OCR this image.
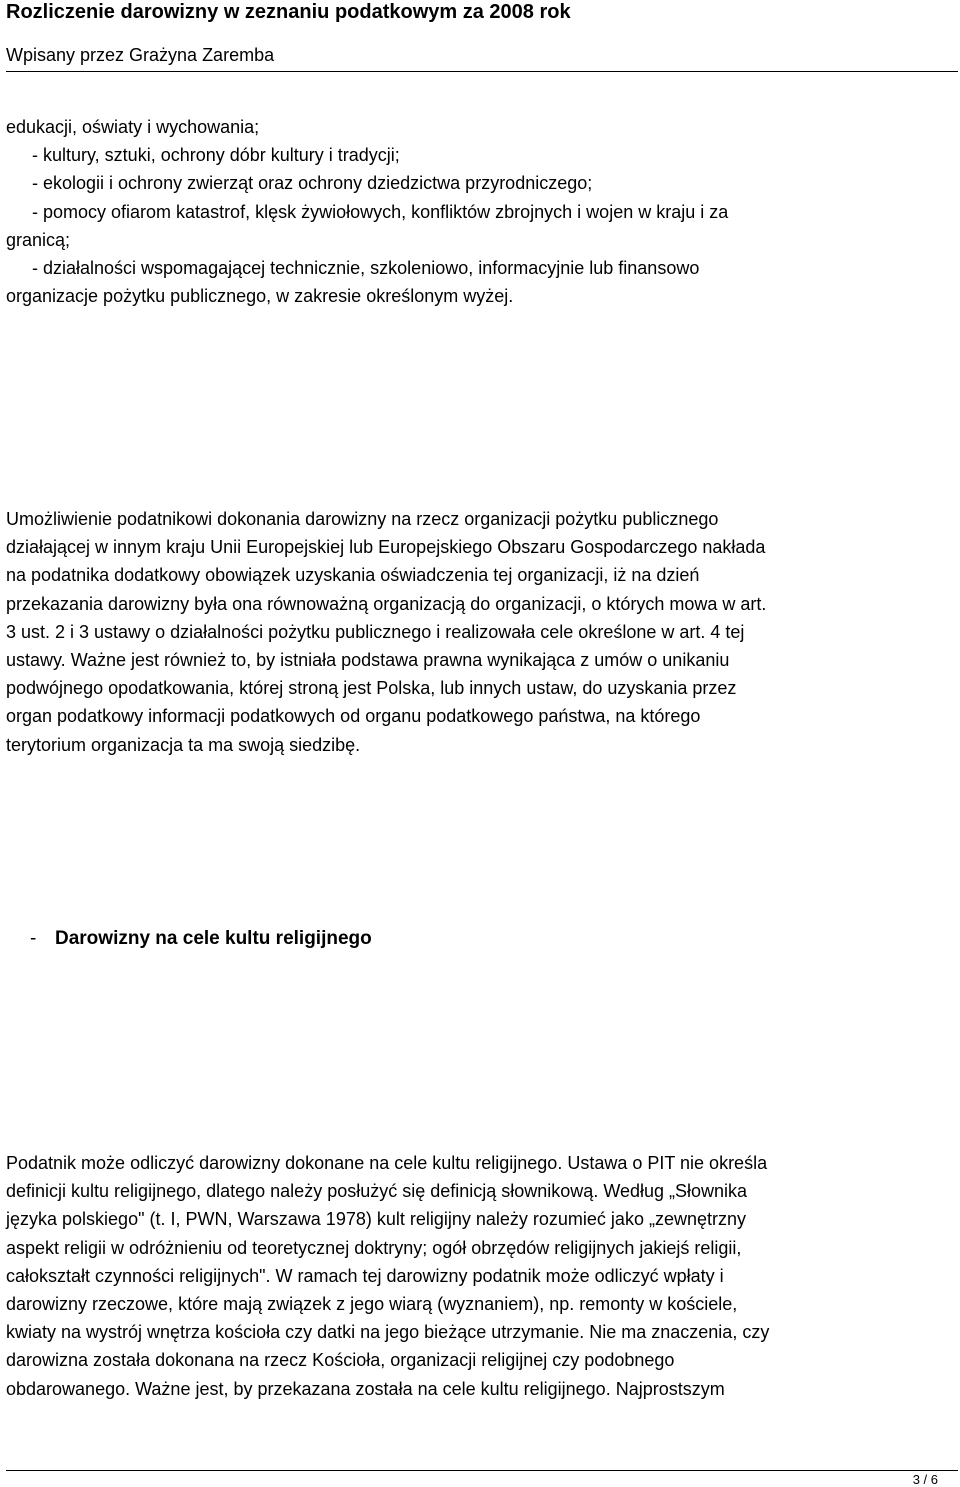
Rozliczenie darowizny w zeznaniu podatkowym za 2008 rok
Wpisany przez Grażyna Zaremba
edukacji, oświaty i wychowania;
- kultury, sztuki, ochrony dóbr kultury i tradycji;
- ekologii i ochrony zwierząt oraz ochrony dziedzictwa przyrodniczego;
- pomocy ofiarom katastrof, klęsk żywiołowych, konfliktów zbrojnych i wojen w kraju i za
granicą;
- działalności wspomagającej technicznie, szkoleniowo, informacyjnie lub finansowo
organizacje pożytku publicznego, w zakresie określonym wyżej.
Umożliwienie podatnikowi dokonania darowizny na rzecz organizacji pożytku publicznego
działającej w innym kraju Unii Europejskiej lub Europejskiego Obszaru Gospodarczego nakłada
na podatnika dodatkowy obowiązek uzyskania oświadczenia tej organizacji, iż na dzień
przekazania darowizny była ona równoważną organizacją do organizacji, o których mowa w art.
3 ust. 2 i 3 ustawy o działalności pożytku publicznego i realizowała cele określone w art. 4 tej
ustawy. Ważne jest również to, by istniała podstawa prawna wynikająca z umów o unikaniu
podwójnego opodatkowania, której stroną jest Polska, lub innych ustaw, do uzyskania przez
organ podatkowy informacji podatkowych od organu podatkowego państwa, na którego
terytorium organizacja ta ma swoją siedzibę.
- Darowizny na cele kultu religijnego
Podatnik może odliczyć darowizny dokonane na cele kultu religijnego. Ustawa o PIT nie określa
definicji kultu religijnego, dlatego należy posłużyć się definicją słownikową. Według „Słownika
języka polskiego" (t. I, PWN, Warszawa 1978) kult religijny należy rozumieć jako „zewnętrzny
aspekt religii w odróżnieniu od teoretycznej doktryny; ogół obrzędów religijnych jakiejś religii,
całokształt czynności religijnych". W ramach tej darowizny podatnik może odliczyć wpłaty i
darowizny rzeczowe, które mają związek z jego wiarą (wyznaniem), np. remonty w kościele,
kwiaty na wystrój wnętrza kościoła czy datki na jego bieżące utrzymanie. Nie ma znaczenia, czy
darowizna została dokonana na rzecz Kościoła, organizacji religijnej czy podobnego
obdarowanego. Ważne jest, by przekazana została na cele kultu religijnego. Najprostszym
3 / 6
